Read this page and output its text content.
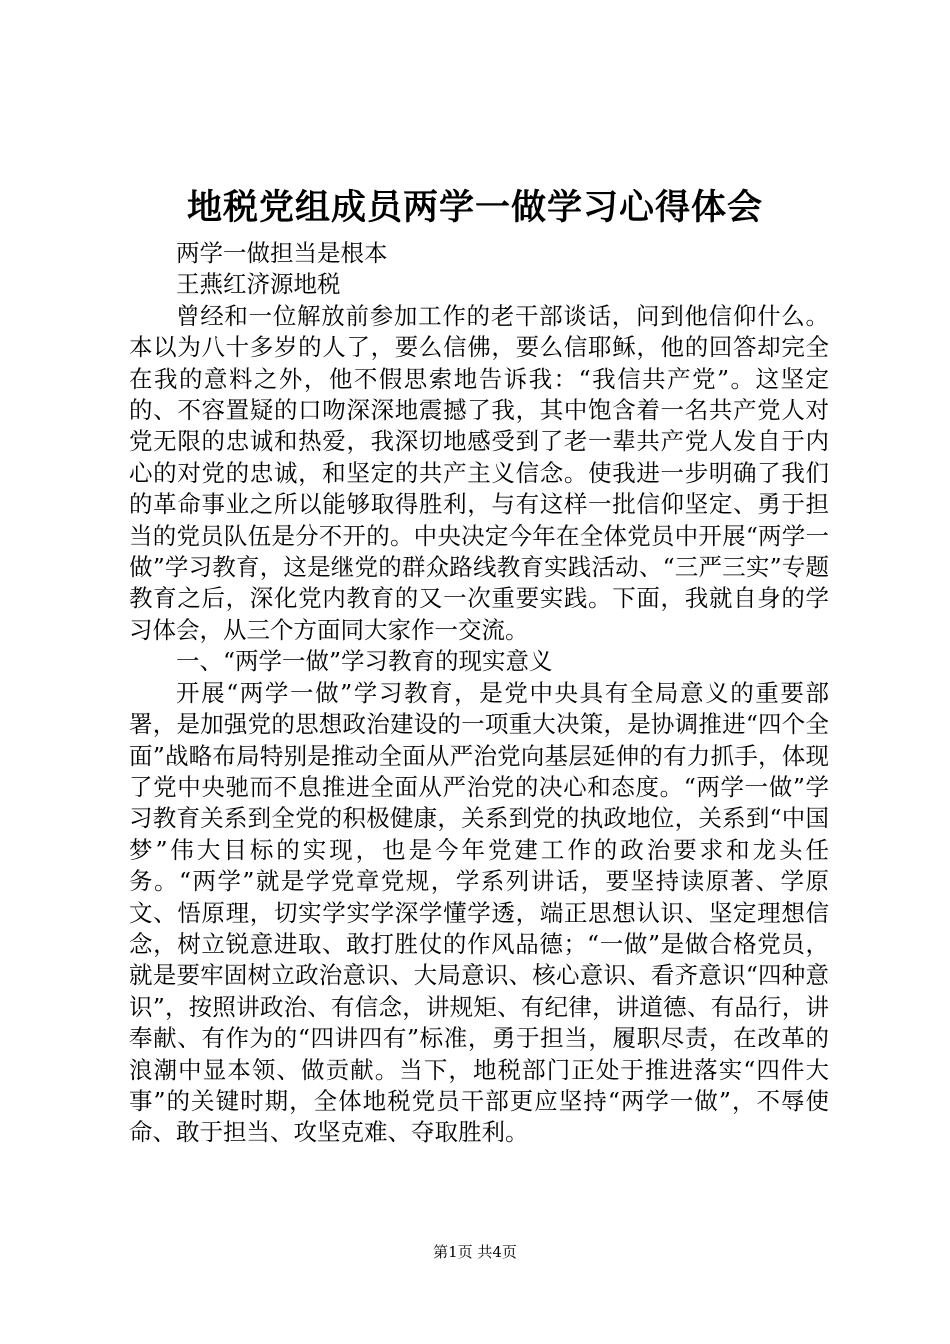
地税党组成员两学一做学习心得体会

两学一做担当是根本

王燕红济源地税

曾经和一位解放前参加工作的老干部谈话，问到他信仰什么。本以为八十多岁的人了，要么信佛，要么信耶稣，他的回答却完全在我的意料之外，他不假思索地告诉我：“我信共产党”。这坚定的、不容置疑的口吻深深地震撼了我，其中饱含着一名共产党人对党无限的忠诚和热爱，我深切地感受到了老一辈共产党人发自于内心的对党的忠诚，和坚定的共产主义信念。使我进一步明确了我们的革命事业之所以能够取得胜利，与有这样一批信仰坚定、勇于担当的党员队伍是分不开的。中央决定今年在全体党员中开展“两学一做”学习教育，这是继党的群众路线教育实践活动、“三严三实”专题教育之后，深化党内教育的又一次重要实践。下面，我就自身的学习体会，从三个方面同大家作一交流。

一、“两学一做”学习教育的现实意义

开展“两学一做”学习教育，是党中央具有全局意义的重要部署，是加强党的思想政治建设的一项重大决策，是协调推进“四个全面”战略布局特别是推动全面从严治党向基层延伸的有力抓手，体现了党中央驰而不息推进全面从严治党的决心和态度。“两学一做”学习教育关系到全党的积极健康，关系到党的执政地位，关系到“中国梦”伟大目标的实现，也是今年党建工作的政治要求和龙头任务。“两学”就是学党章党规，学系列讲话，要坚持读原著、学原文、悟原理，切实学实学深学懂学透，端正思想认识、坚定理想信念，树立锐意进取、敢打胜仗的作风品德；“一做”是做合格党员，就是要牢固树立政治意识、大局意识、核心意识、看齐意识“四种意识”，按照讲政治、有信念，讲规矩、有纪律，讲道德、有品行，讲奉献、有作为的“四讲四有”标准，勇于担当，履职尽责，在改革的浪潮中显本领、做贡献。当下，地税部门正处于推进落实“四件大事”的关键时期，全体地税党员干部更应坚持“两学一做”，不辱使命、敢于担当、攻坚克难、夺取胜利。

第1页 共4页
